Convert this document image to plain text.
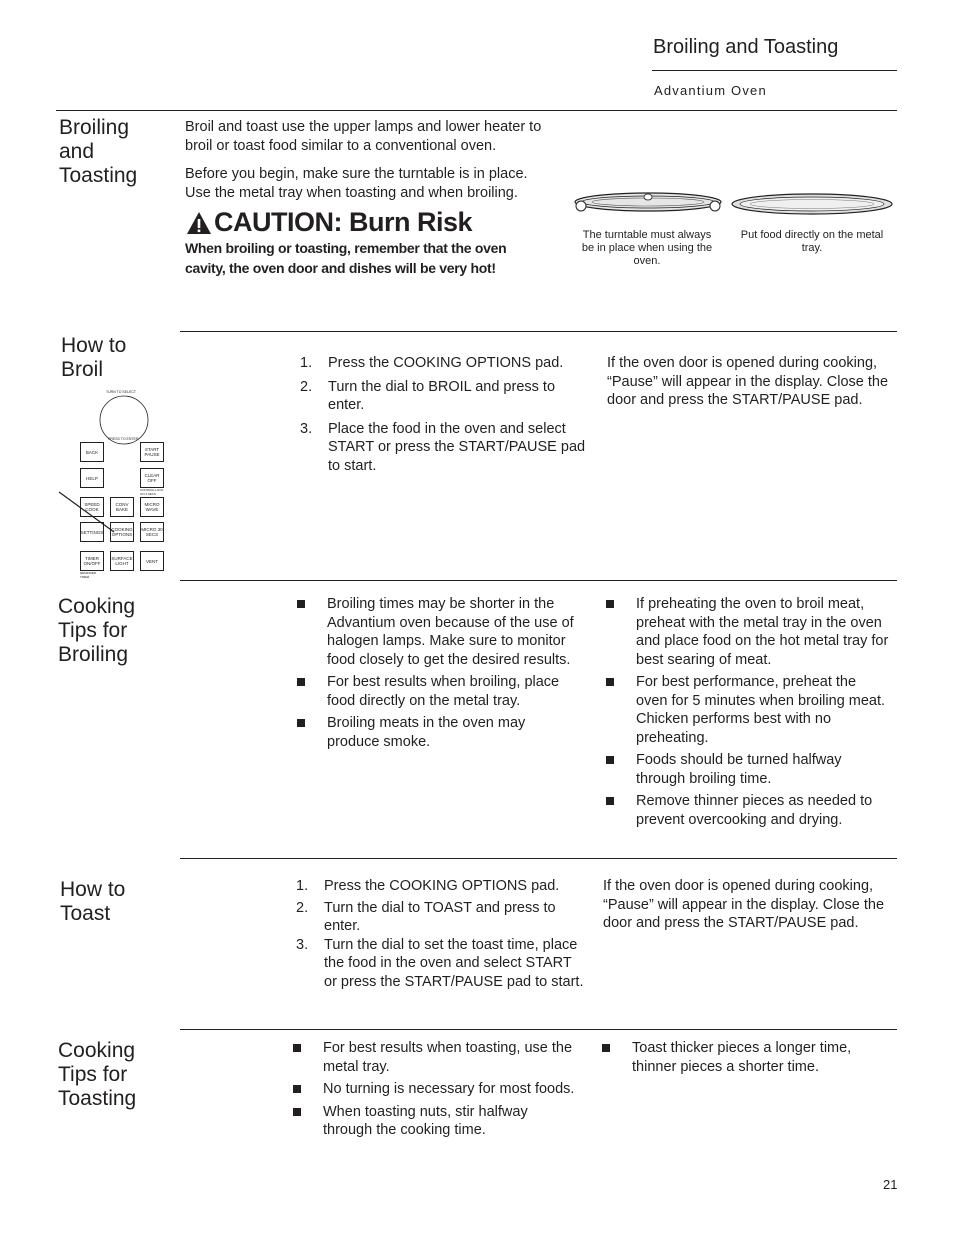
Broiling and Toasting
Advantium Oven
Broiling
and
Toasting
Broil and toast use the upper lamps and lower heater to broil or toast food similar to a conventional oven.
Before you begin, make sure the turntable is in place. Use the metal tray when toasting and when broiling.
CAUTION: Burn Risk
When broiling or toasting, remember that the oven cavity, the oven door and dishes will be very hot!
The turntable must always be in place when using the oven.
Put food directly on the metal tray.
How to
Broil
TURN TO SELECT
PRESS TO ENTER
BACK	START PAUSE
HELP	CLEAR OFF
CONTROL LOCK ON 3 SECS
SPEED COOK
CONV BAKE
MICRO WAVE
SETTINGS	COOKING OPTIONS
MICRO 30 SECS
TIMER ON/OFF
REMINDER TIMER
SURFACE LIGHT	VENT
1. Press the COOKING OPTIONS pad.
2. Turn the dial to BROIL and press to enter.
3. Place the food in the oven and select START or press the START/PAUSE pad to start.
If the oven door is opened during cooking, “Pause” will appear in the display. Close the door and press the START/PAUSE pad.
Cooking
Tips for
Broiling
Broiling times may be shorter in the Advantium oven because of the use of halogen lamps. Make sure to monitor food closely to get the desired results.
For best results when broiling, place food directly on the metal tray.
Broiling meats in the oven may produce smoke.
If preheating the oven to broil meat, preheat with the metal tray in the oven and place food on the hot metal tray for best searing of meat.
For best performance, preheat the oven for 5 minutes when broiling meat. Chicken performs best with no preheating.
Foods should be turned halfway through broiling time.
Remove thinner pieces as needed to prevent overcooking and drying.
How to
Toast
1. Press the COOKING OPTIONS pad.
2. Turn the dial to TOAST and press to enter.
3. Turn the dial to set the toast time, place the food in the oven and select START or press the START/PAUSE pad to start.
If the oven door is opened during cooking, “Pause” will appear in the display. Close the door and press the START/PAUSE pad.
Cooking
Tips for
Toasting
For best results when toasting, use the metal tray.
No turning is necessary for most foods.
When toasting nuts, stir halfway through the cooking time.
Toast thicker pieces a longer time, thinner pieces a shorter time.
21
